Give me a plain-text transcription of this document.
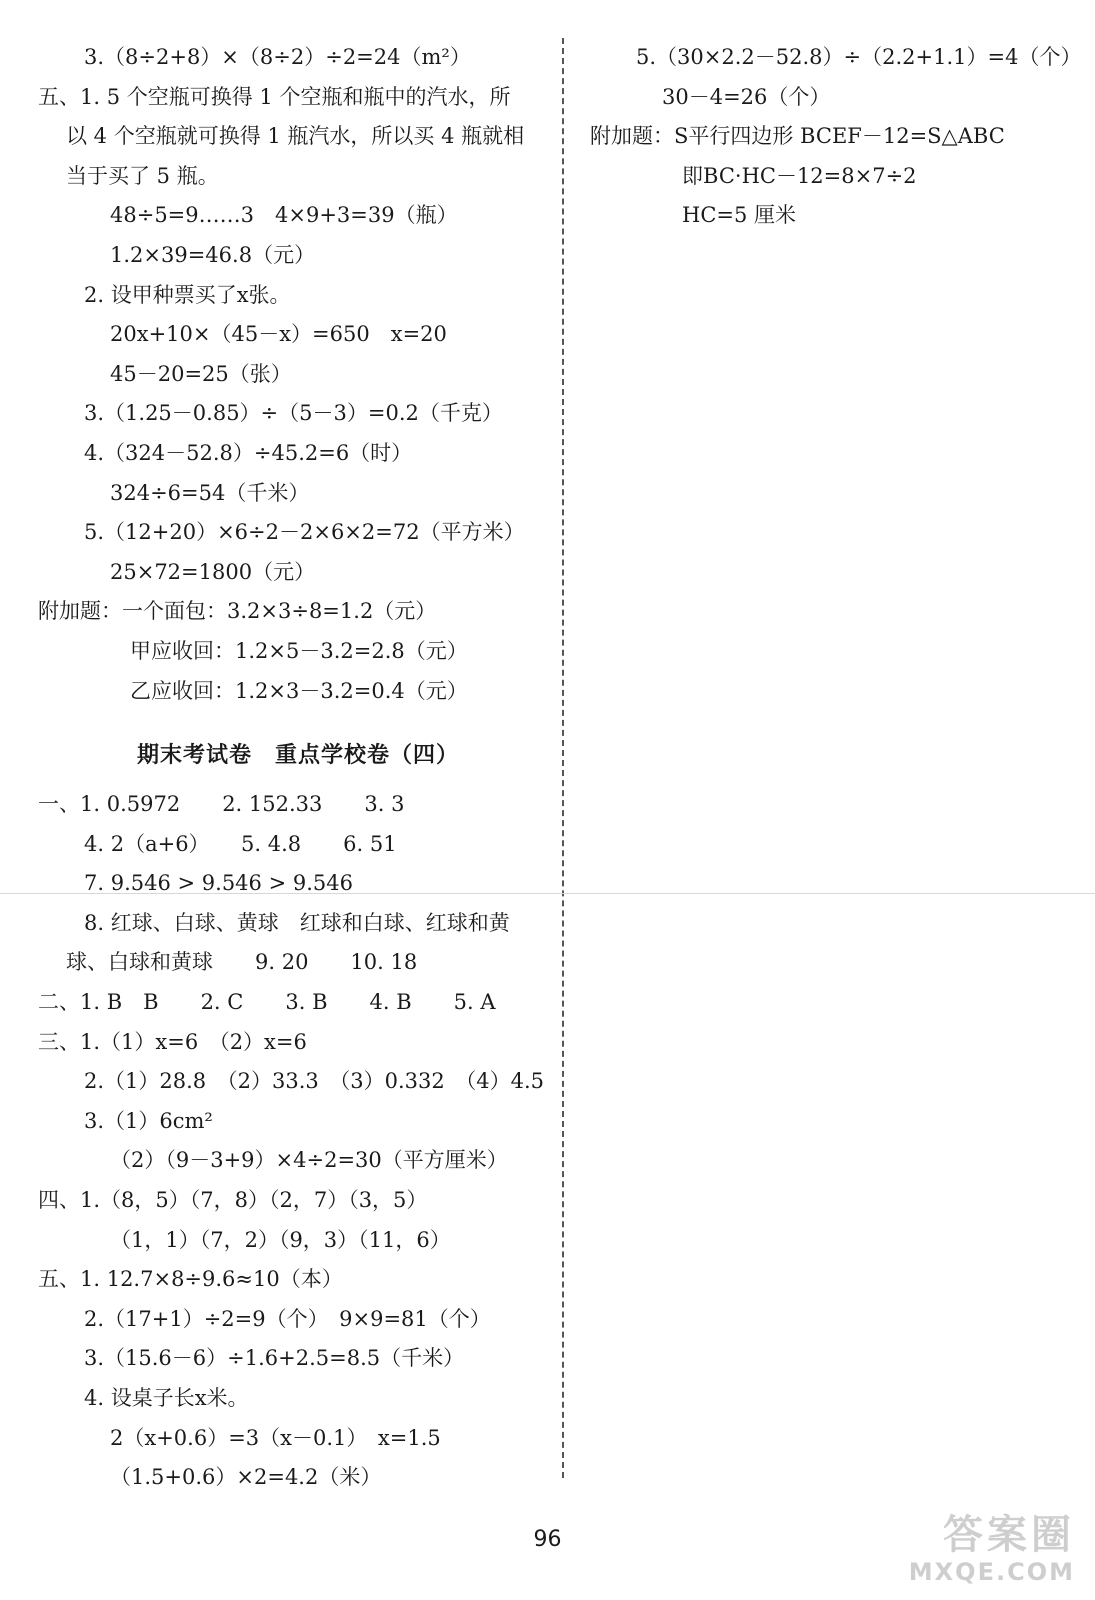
3.（8÷2+8）×（8÷2）÷2=24（m²）
五、1. 5 个空瓶可换得 1 个空瓶和瓶中的汽水，所
以 4 个空瓶就可换得 1 瓶汽水，所以买 4 瓶就相
当于买了 5 瓶。
48÷5=9……3　4×9+3=39（瓶）
1.2×39=46.8（元）
2. 设甲种票买了x张。
20x+10×（45－x）=650　x=20
45－20=25（张）
3.（1.25－0.85）÷（5－3）=0.2（千克）
4.（324－52.8）÷45.2=6（时）
324÷6=54（千米）
5.（12+20）×6÷2－2×6×2=72（平方米）
25×72=1800（元）
附加题：一个面包：3.2×3÷8=1.2（元）
甲应收回：1.2×5－3.2=2.8（元）
乙应收回：1.2×3－3.2=0.4（元）
期末考试卷　重点学校卷（四）
一、1. 0.5972　　2. 152.33　　3. 3
4. 2（a+6）　　5. 4.8　　6. 51
7. 9.546 > 9.546 > 9.546
8. 红球、白球、黄球　红球和白球、红球和黄
球、白球和黄球　　9. 20　　10. 18
二、1. B　B　　2. C　　3. B　　4. B　　5. A
三、1.（1）x=6　（2）x=6
2.（1）28.8　（2）33.3　（3）0.332　（4）4.5
3.（1）6cm²
（2）（9－3+9）×4÷2=30（平方厘米）
四、1.（8，5）（7，8）（2，7）（3，5）
（1，1）（7，2）（9，3）（11，6）
五、1. 12.7×8÷9.6≈10（本）
2.（17+1）÷2=9（个）　9×9=81（个）
3.（15.6－6）÷1.6+2.5=8.5（千米）
4. 设桌子长x米。
2（x+0.6）=3（x－0.1）　x=1.5
（1.5+0.6）×2=4.2（米）
5.（30×2.2－52.8）÷（2.2+1.1）=4（个）
30－4=26（个）
附加题：S平行四边形 BCEF－12=S△ABC
即BC·HC－12=8×7÷2
HC=5 厘米
96	答案圈
MXQE.COM
